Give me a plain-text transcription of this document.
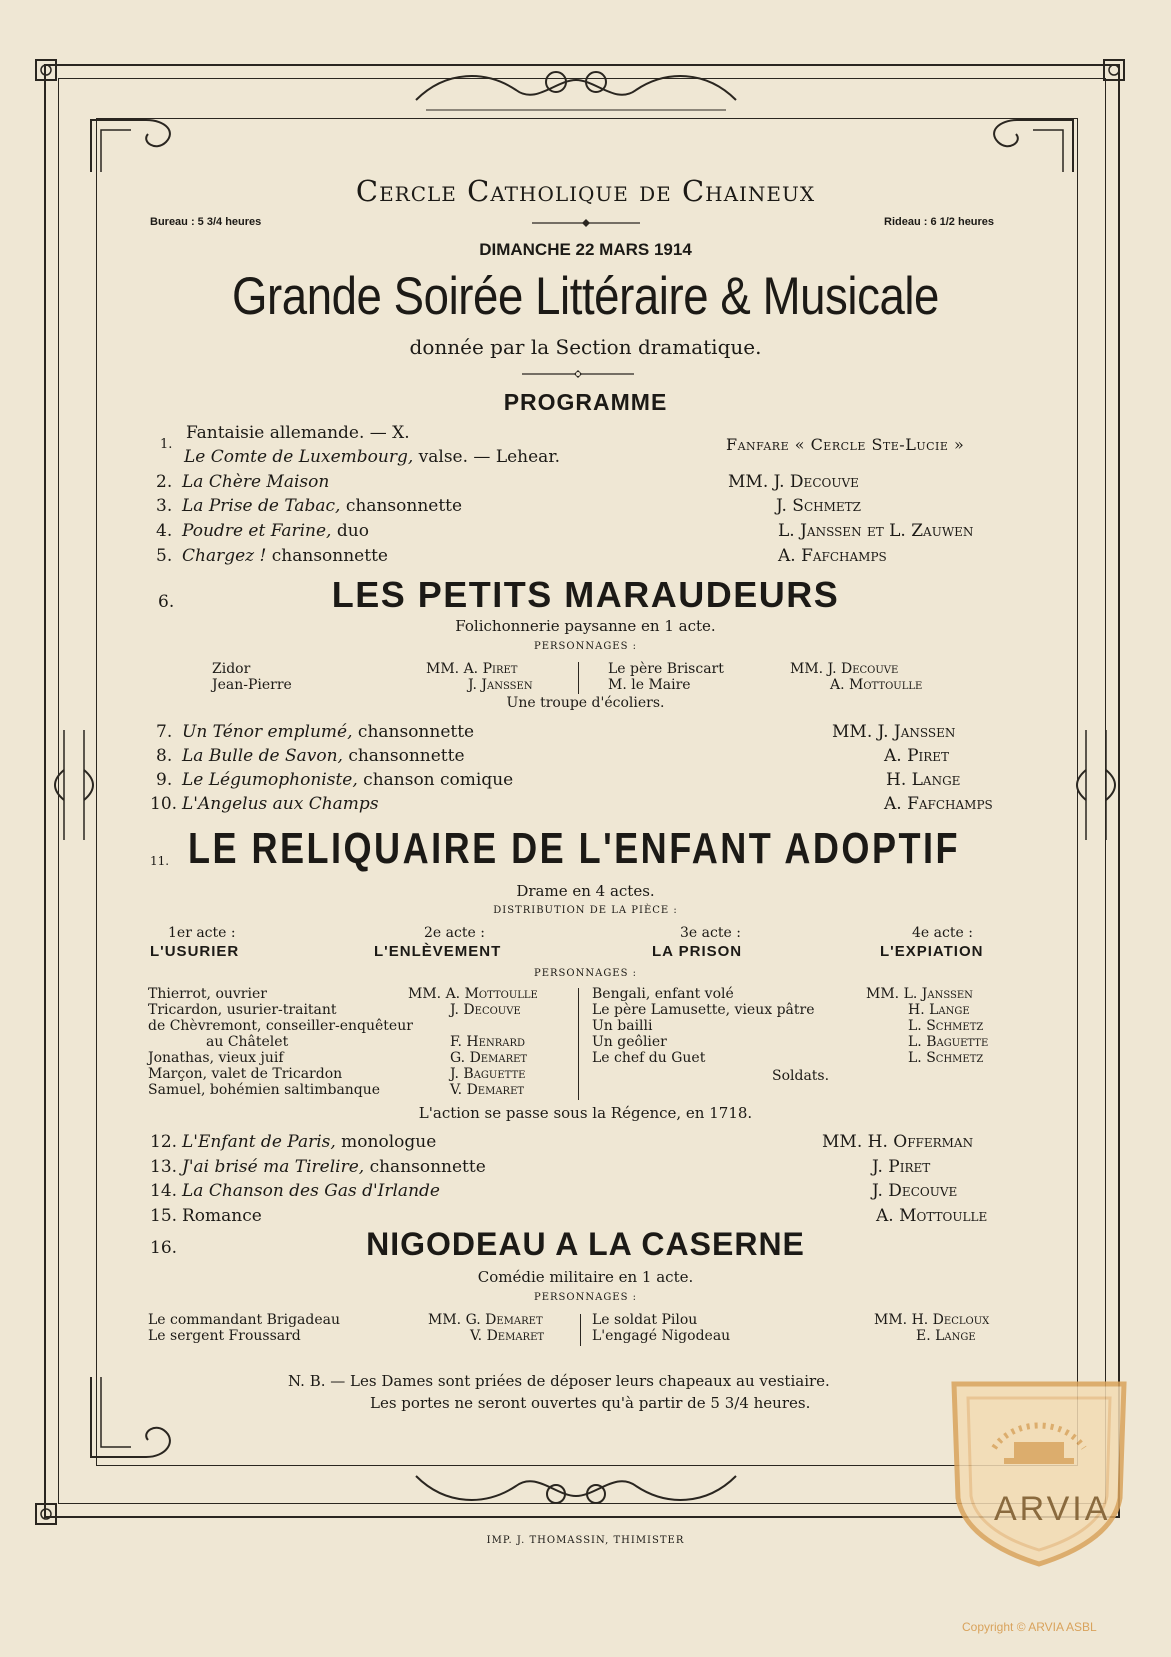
Cercle Catholique de Chaineux
Bureau : 5 3/4 heures	Rideau : 6 1/2 heures
DIMANCHE 22 MARS 1914
Grande Soirée Littéraire & Musicale
donnée par la Section dramatique.
PROGRAMME
1.
Fantaisie allemande. — X.
Le Comte de Luxembourg, valse. — Lehear.
Fanfare « Cercle Ste-Lucie »
2. La Chère Maison	MM. J. Decouve
3. La Prise de Tabac, chansonnette	J. Schmetz
4. Poudre et Farine, duo	L. Janssen et L. Zauwen
5. Chargez ! chansonnette	A. Fafchamps
6.	LES PETITS MARAUDEURS
Folichonnerie paysanne en 1 acte.
PERSONNAGES :
Zidor	MM. A. Piret
Jean-Pierre	J. Janssen
Le père Briscart	MM. J. Decouve
M. le Maire	A. Mottoulle
Une troupe d'écoliers.
7. Un Ténor emplumé, chansonnette	MM. J. Janssen
8. La Bulle de Savon, chansonnette	A. Piret
9. Le Légumophoniste, chanson comique	H. Lange
10. L'Angelus aux Champs	A. Fafchamps
11. LE RELIQUAIRE DE L'ENFANT ADOPTIF
Drame en 4 actes.
DISTRIBUTION DE LA PIÈCE :
1er acte :
L'USURIER
2e acte :
L'ENLÈVEMENT
3e acte :
LA PRISON
4e acte :
L'EXPIATION
PERSONNAGES :
Thierrot, ouvrier	MM. A. Mottoulle
Tricardon, usurier-traitant	J. Decouve
de Chèvremont, conseiller-enquêteur
au Châtelet	F. Henrard
Jonathas, vieux juif	G. Demaret
Marçon, valet de Tricardon	J. Baguette
Samuel, bohémien saltimbanque	V. Demaret
Bengali, enfant volé	MM. L. Janssen
Le père Lamusette, vieux pâtre	H. Lange
Un bailli	L. Schmetz
Un geôlier	L. Baguette
Le chef du Guet	L. Schmetz
Soldats.
L'action se passe sous la Régence, en 1718.
12. L'Enfant de Paris, monologue	MM. H. Offerman
13. J'ai brisé ma Tirelire, chansonnette	J. Piret
14. La Chanson des Gas d'Irlande	J. Decouve
15. Romance	A. Mottoulle
16.	NIGODEAU A LA CASERNE
Comédie militaire en 1 acte.
PERSONNAGES :
Le commandant Brigadeau	MM. G. Demaret
Le sergent Froussard	V. Demaret
Le soldat Pilou	MM. H. Decloux
L'engagé Nigodeau	E. Lange
N. B. — Les Dames sont priées de déposer leurs chapeaux au vestiaire.
Les portes ne seront ouvertes qu'à partir de 5 3/4 heures.
IMP. J. THOMASSIN, THIMISTER
ARVIA
Copyright © ARVIA ASBL
